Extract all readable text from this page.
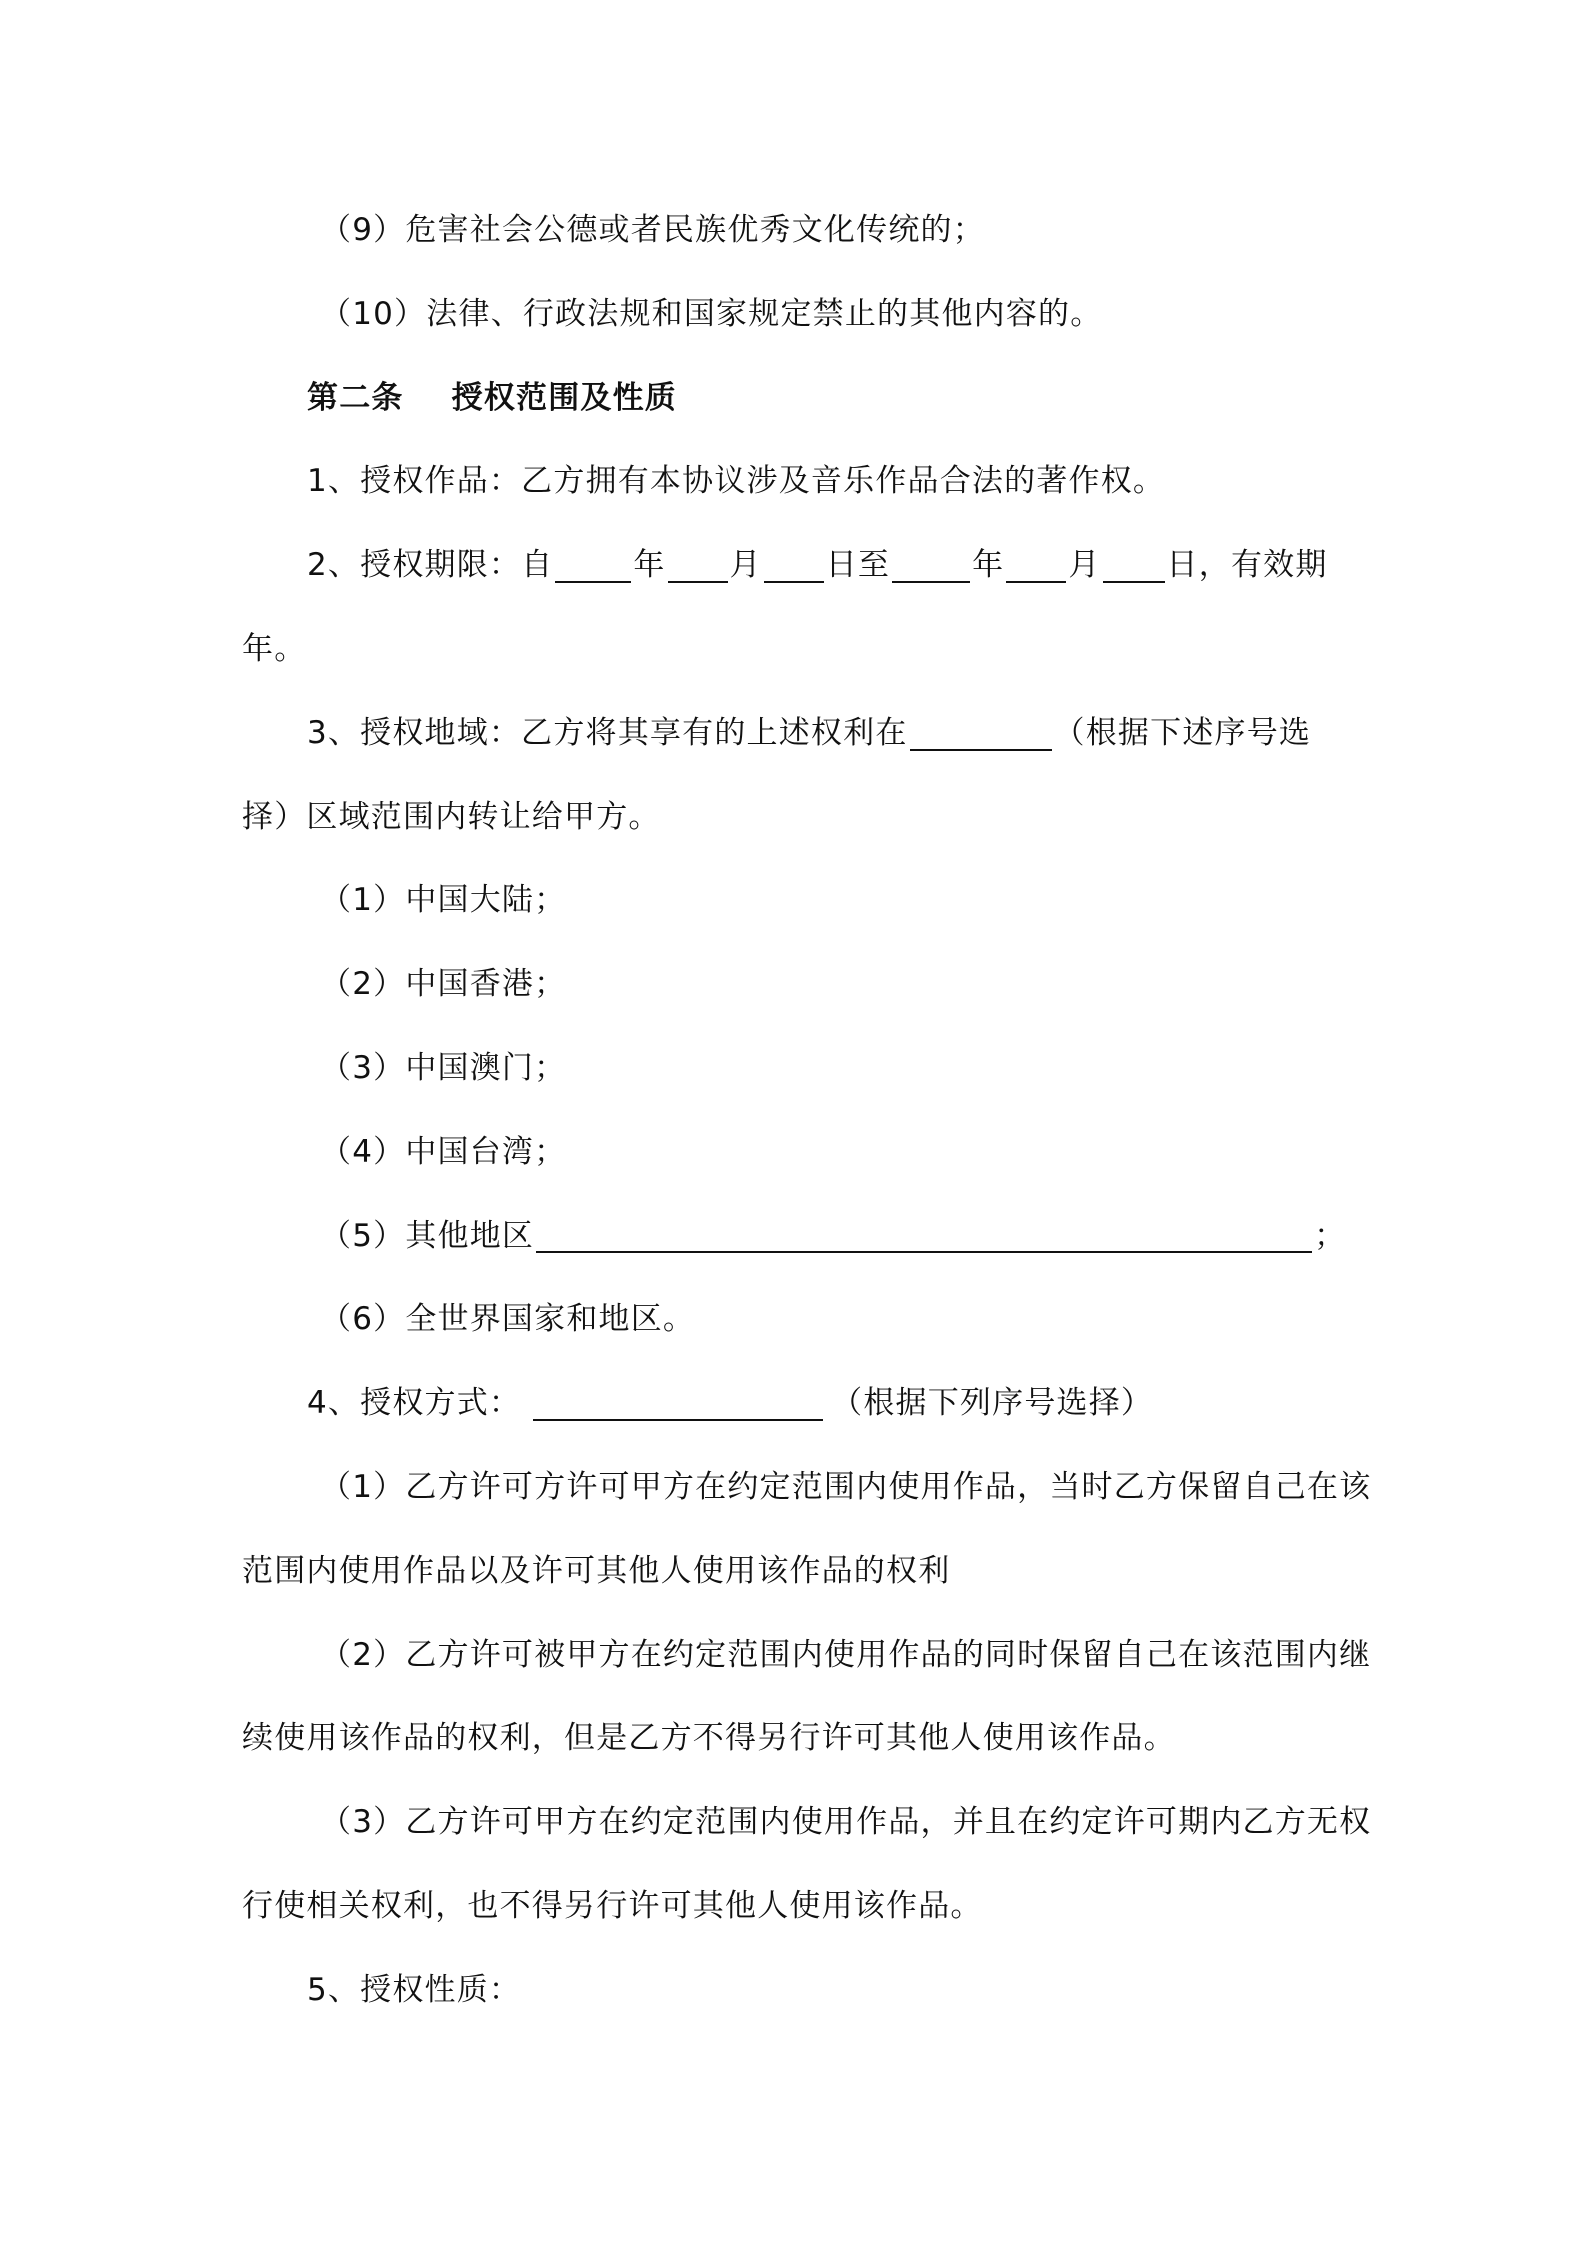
（9）危害社会公德或者民族优秀文化传统的；
（10）法律、行政法规和国家规定禁止的其他内容的。
第二条 授权范围及性质
1、授权作品：乙方拥有本协议涉及音乐作品合法的著作权。
2、授权期限：自	年 月 日至	年 月 日，有效期
年。
3、授权地域：乙方将其享有的上述权利在	（根据下述序号选
择）区域范围内转让给甲方。
（1）中国大陆；
（2）中国香港；
（3）中国澳门；
（4）中国台湾；
（5）其他地区	；
（6）全世界国家和地区。
4、授权方式：	（根据下列序号选择）
（1）乙方许可方许可甲方在约定范围内使用作品，当时乙方保留自己在该
范围内使用作品以及许可其他人使用该作品的权利
（2）乙方许可被甲方在约定范围内使用作品的同时保留自己在该范围内继
续使用该作品的权利，但是乙方不得另行许可其他人使用该作品。
（3）乙方许可甲方在约定范围内使用作品，并且在约定许可期内乙方无权
行使相关权利，也不得另行许可其他人使用该作品。
5、授权性质：
